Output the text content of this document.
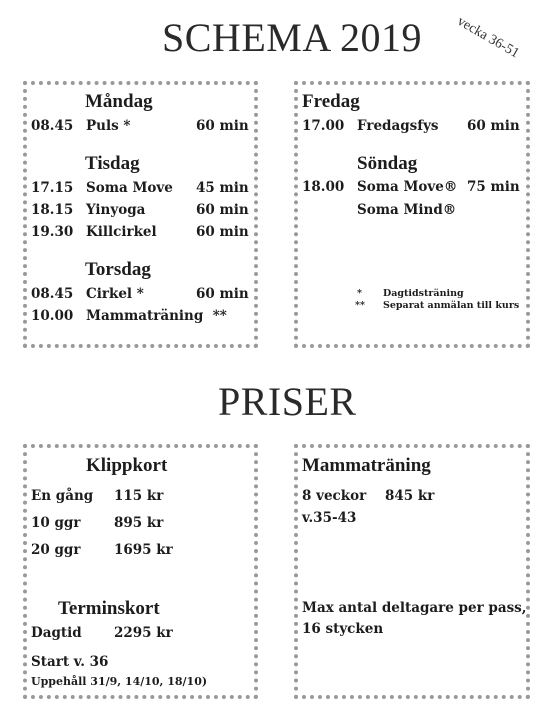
SCHEMA 2019 vecka 36-51
Måndag
08.45 Puls *	60 min
Tisdag
17.15 Soma Move 45 min
18.15 Yinyoga	60 min
19.30 Killcirkel	60 min
Torsdag
08.45 Cirkel *	60 min
10.00 Mammaträning  **
Fredag
17.00 Fredagsfys 60 min
Söndag
18.00 Soma Move® 75 min
Soma Mind®
* Dagtidsträning
** Separat anmälan till kurs
PRISER
Klippkort
En gång 115 kr
10 ggr 895 kr
20 ggr 1695 kr
Terminskort
Dagtid 2295 kr
Start v. 36
Uppehåll 31/9, 14/10, 18/10)
Mammaträning
8 veckor 845 kr
v.35-43
Max antal deltagare per pass,
16 stycken
